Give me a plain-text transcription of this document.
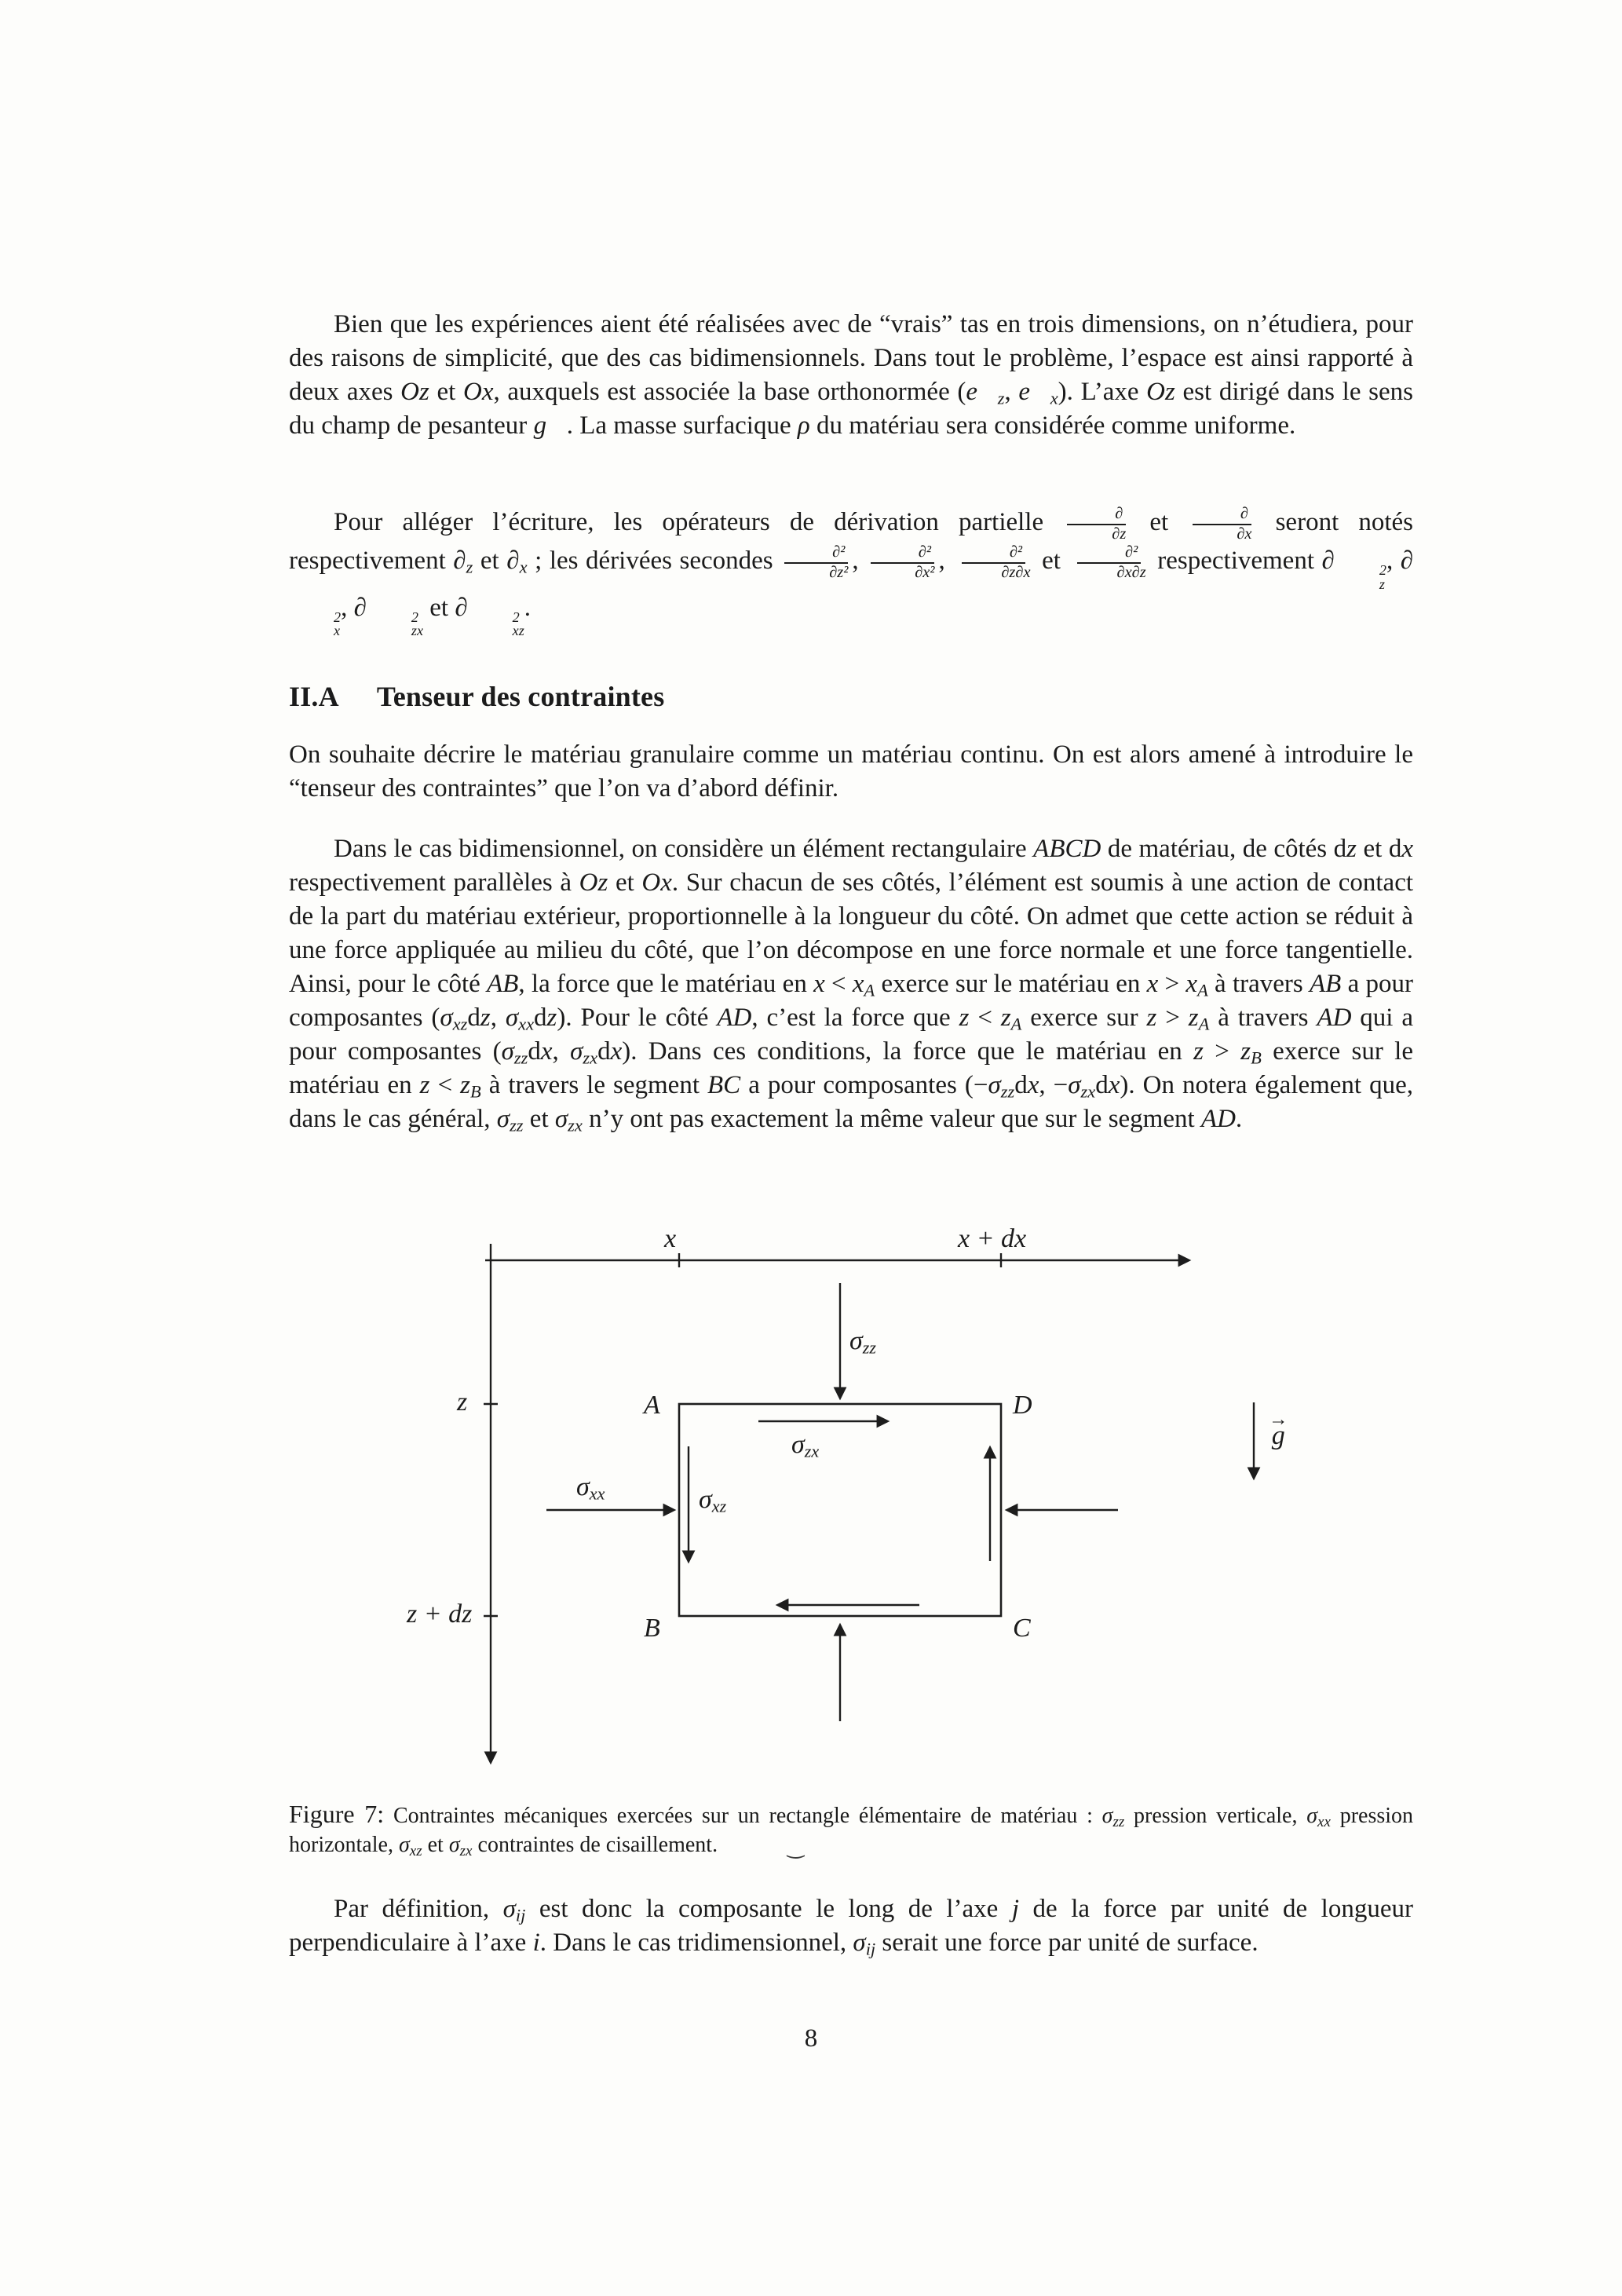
Bien que les expériences aient été réalisées avec de “vrais” tas en trois dimensions, on n’étudiera, pour des raisons de simplicité, que des cas bidimensionnels. Dans tout le problème, l’espace est ainsi rapporté à deux axes Oz et Ox, auxquels est associée la base orthonormée ($e⃗_z$, $e⃗_x$). L’axe Oz est dirigé dans le sens du champ de pesanteur g⃗. La masse surfacique ρ du matériau sera considérée comme uniforme.

Pour alléger l’écriture, les opérateurs de dérivation partielle $\frac{\partial}{\partial z}$ et $\frac{\partial}{\partial x}$ seront notés respectivement $\partial_z$ et $\partial_x$ ; les dérivées secondes $\frac{\text{∂²}}{\text{∂z²}}$ , $\frac{\text{∂²}}{\text{∂x²}}$ , $\frac{\text{∂²}}{\partial z\partial x}$ et $\frac{\text{∂²}}{\partial x\partial z}$ respectivement ∂	2
z
, ∂
2
x
, ∂	2
zx
et ∂	2
xz
.

II.A Tenseur des contraintes

On souhaite décrire le matériau granulaire comme un matériau continu. On est alors amené à introduire le “tenseur des contraintes” que l’on va d’abord définir.

Dans le cas bidimensionnel, on considère un élément rectangulaire ABCD de matériau, de côtés dz et dx respectivement parallèles à Oz et Ox. Sur chacun de ses côtés, l’élément est soumis à une action de contact de la part du matériau extérieur, proportionnelle à la longueur du côté. On admet que cette action se réduit à une force appliquée au milieu du côté, que l’on décompose en une force normale et une force tangentielle. Ainsi, pour le côté AB, la force que le matériau en $x < x_A$ exerce sur le matériau en $x > x_A$ à travers AB a pour composantes ($\sigma_{xz}dz$, $\sigma_{xx}dz$). Pour le côté AD, c’est la force que $z < z_A$ exerce sur $z > z_A$ à travers AD qui a pour composantes ($\sigma_{zz}dx$, $\sigma_{zx}dx$). Dans ces conditions, la force que le matériau en $z > z_B$ exerce sur le matériau en $z < z_B$ à travers le segment BC a pour composantes ($-\sigma_{zz}dx$, $-\sigma_{zx}dx$). On notera également que, dans le cas général, $\sigma_{zz}$ et $\sigma_{zx}$ n’y ont pas exactement la même valeur que sur le segment AD.

x	x + dx
z
z + dz
A	D
B	C
$\sigma_{zz}$
$\sigma_{zx}$
$\sigma_{xx}$	$\sigma_{xz}$
→
g
Figure 7: Contraintes mécaniques exercées sur un rectangle élémentaire de matériau : $\sigma_{zz}$ pression verticale, $\sigma_{xx}$ pression horizontale, $\sigma_{xz}$ et $\sigma_{zx}$ contraintes de cisaillement.	‿

Par définition, $\sigma_{ij}$ est donc la composante le long de l’axe j de la force par unité de longueur perpendiculaire à l’axe i. Dans le cas tridimensionnel, $\sigma_{ij}$ serait une force par unité de surface.

8
